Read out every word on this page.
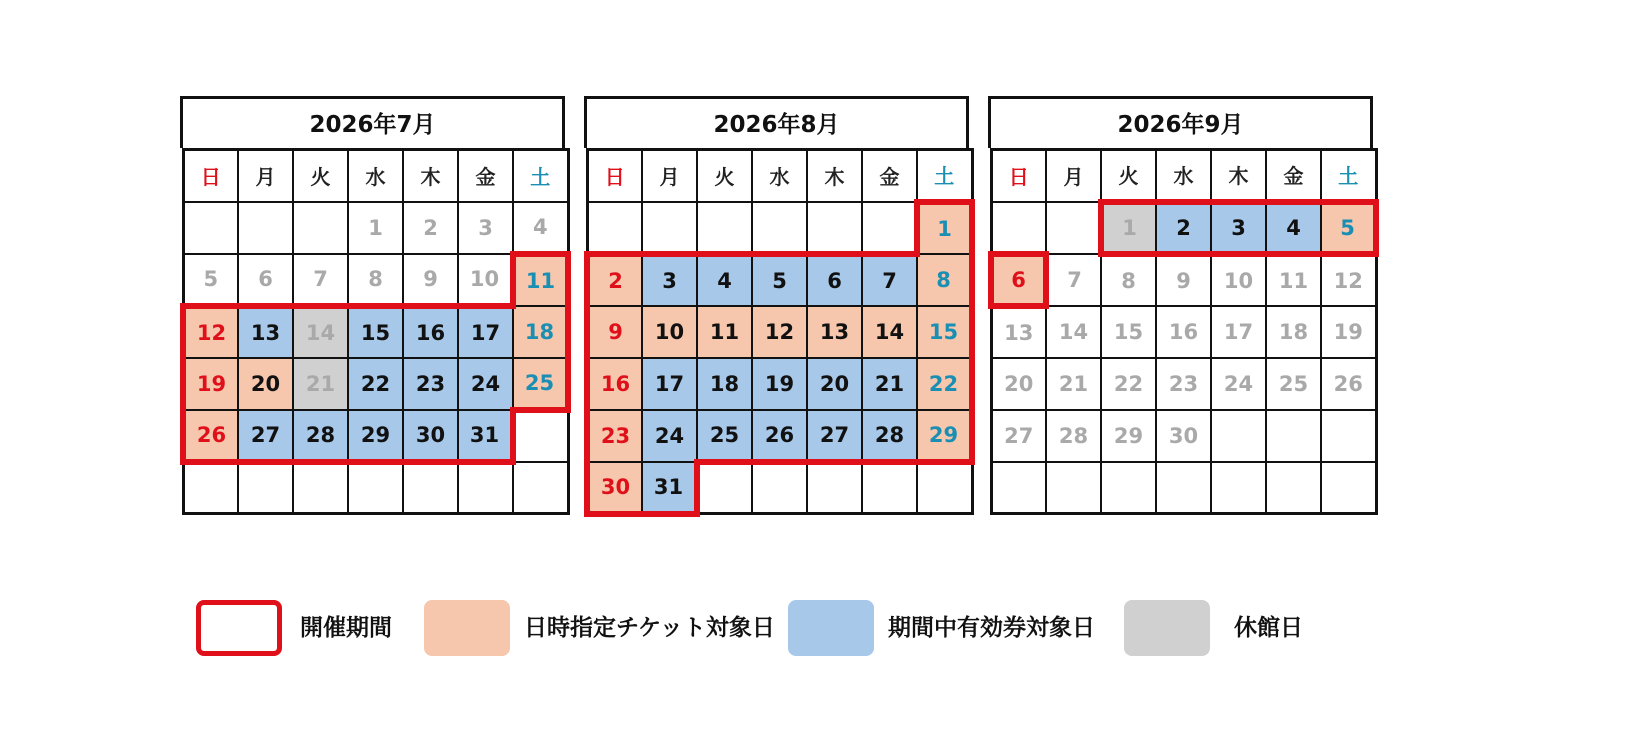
2026年7月
日	月	火	水	木	金	土
			1	2	3	4
5	6	7	8	9	10	11
12	13	14	15	16	17	18
19	20	21	22	23	24	25
26	27	28	29	30	31	

2026年8月
日	月	火	水	木	金	土
						1
2	3	4	5	6	7	8
9	10	11	12	13	14	15
16	17	18	19	20	21	22
23	24	25	26	27	28	29
30	31					
2026年9月
日	月	火	水	木	金	土
		1	2	3	4	5
6	7	8	9	10	11	12
13	14	15	16	17	18	19
20	21	22	23	24	25	26
27	28	29	30			

開催期間	日時指定チケット対象日	期間中有効券対象日	休館日
